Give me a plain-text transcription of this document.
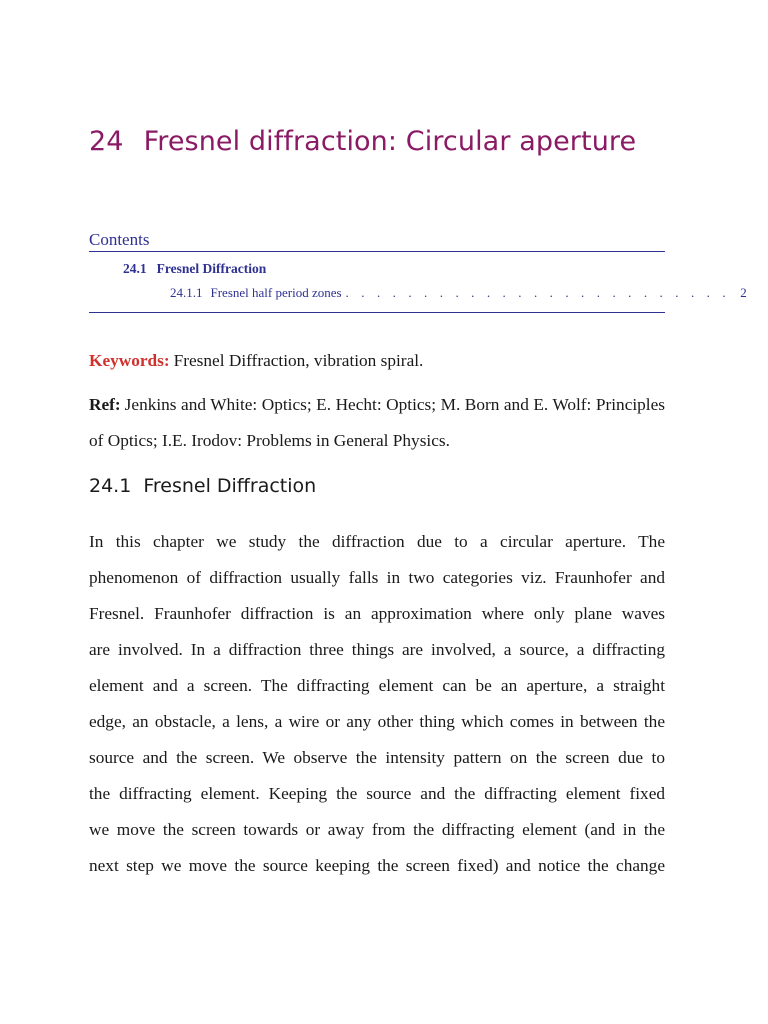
24 Fresnel diffraction: Circular aperture
Contents
24.1 Fresnel Diffraction
24.1.1 Fresnel half period zones . . . . . . . . . . . . . . . . . . . . . . . . . 2
Keywords: Fresnel Diffraction, vibration spiral.
Ref: Jenkins and White: Optics; E. Hecht: Optics; M. Born and E. Wolf: Principles of Optics; I.E. Irodov: Problems in General Physics.
24.1 Fresnel Diffraction
In this chapter we study the diffraction due to a circular aperture. The
phenomenon of diffraction usually falls in two categories viz. Fraunhofer and
Fresnel. Fraunhofer diffraction is an approximation where only plane waves
are involved. In a diffraction three things are involved, a source, a diffracting
element and a screen. The diffracting element can be an aperture, a straight
edge, an obstacle, a lens, a wire or any other thing which comes in between the
source and the screen. We observe the intensity pattern on the screen due to
the diffracting element. Keeping the source and the diffracting element fixed
we move the screen towards or away from the diffracting element (and in the
next step we move the source keeping the screen fixed) and notice the change
